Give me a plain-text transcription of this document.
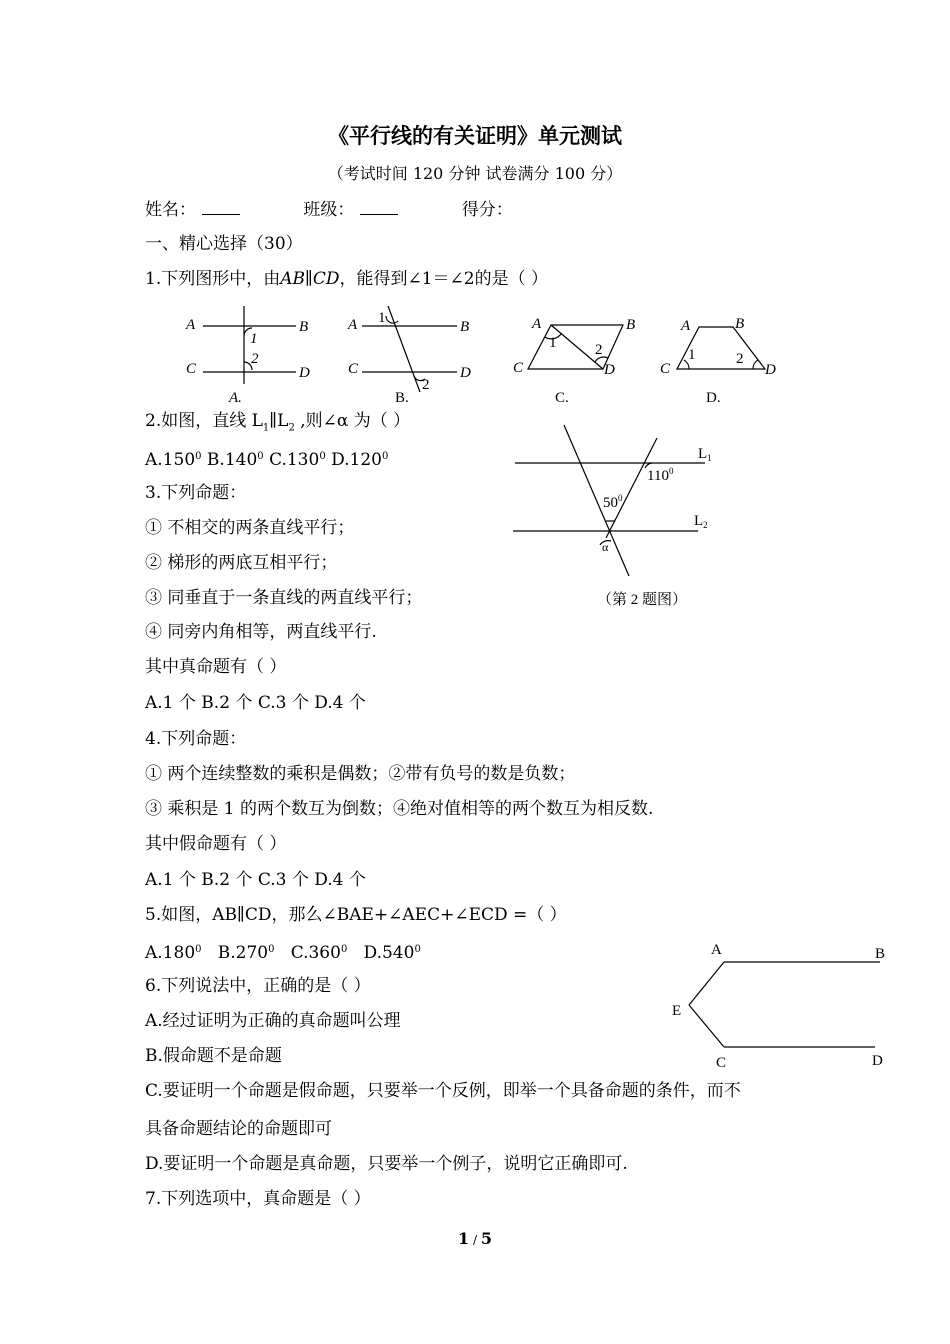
《平行线的有关证明》单元测试
（考试时间 120 分钟 试卷满分 100 分）
姓名：	班级：	得分：
一、精心选择（30）
1.下列图形中，由AB∥CD，能得到∠1＝∠2的是（ ）
A	B
C	D
1
2
A.
A	B
C	D
1
2
B.
A	B
C	D
1	2
C.
A	B
C	D
1	2
D.
2.如图，直线 $L_1\parallel L_2$ ,则∠α 为（ ）
A.150$^0$ B.140$^0$ C.130$^0$ D.120$^0$	$L_1$
$L_2$
$110^0$
$50^0$
α
（第 2 题图）
3.下列命题：
① 不相交的两条直线平行；
② 梯形的两底互相平行；
③ 同垂直于一条直线的两直线平行；
④ 同旁内角相等，两直线平行.
其中真命题有（ ）
A.1 个 B.2 个 C.3 个 D.4 个
4.下列命题：
① 两个连续整数的乘积是偶数；②带有负号的数是负数；
③ 乘积是 1 的两个数互为倒数；④绝对值相等的两个数互为相反数.
其中假命题有（ ）
A.1 个 B.2 个 C.3 个 D.4 个
5.如图，AB∥CD，那么∠BAE+∠AEC+∠ECD =（ ）
A.180$^0$ B.270$^0$ C.360$^0$ D.540$^0$	A	B
E
C	D
6.下列说法中，正确的是（ ）
A.经过证明为正确的真命题叫公理
B.假命题不是命题
C.要证明一个命题是假命题，只要举一个反例，即举一个具备命题的条件，而不
具备命题结论的命题即可
D.要证明一个命题是真命题，只要举一个例子，说明它正确即可.
7.下列选项中，真命题是（ ）
1 / 5
